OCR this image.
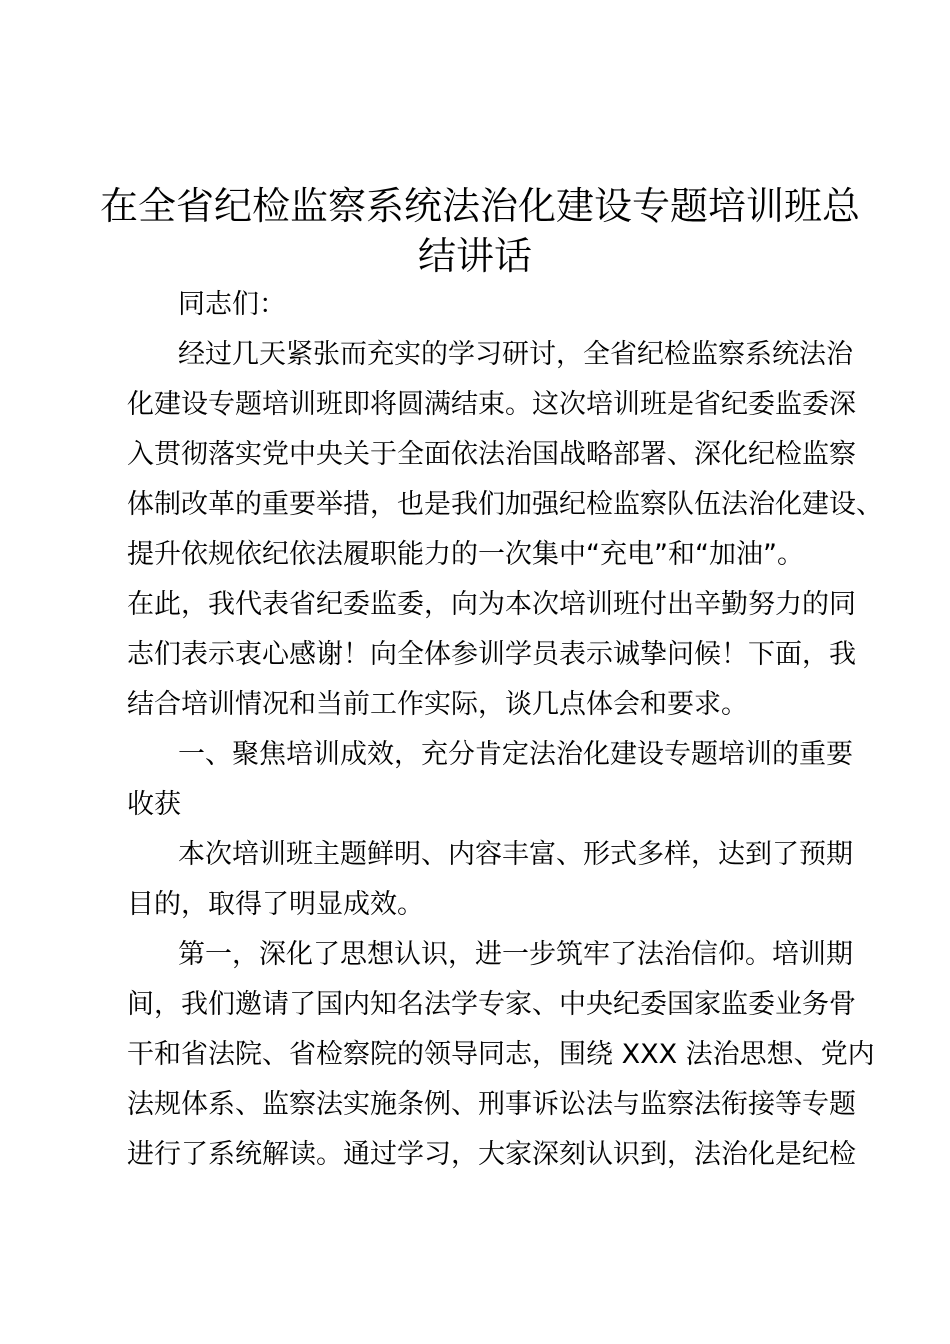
在全省纪检监察系统法治化建设专题培训班总
结讲话
同志们：
经过几天紧张而充实的学习研讨，全省纪检监察系统法治
化建设专题培训班即将圆满结束。这次培训班是省纪委监委深
入贯彻落实党中央关于全面依法治国战略部署、深化纪检监察
体制改革的重要举措，也是我们加强纪检监察队伍法治化建设、
提升依规依纪依法履职能力的一次集中“充电”和“加油”。
在此，我代表省纪委监委，向为本次培训班付出辛勤努力的同
志们表示衷心感谢！向全体参训学员表示诚挚问候！下面，我
结合培训情况和当前工作实际，谈几点体会和要求。
一、聚焦培训成效，充分肯定法治化建设专题培训的重要
收获
本次培训班主题鲜明、内容丰富、形式多样，达到了预期
目的，取得了明显成效。
第一，深化了思想认识，进一步筑牢了法治信仰。培训期
间，我们邀请了国内知名法学专家、中央纪委国家监委业务骨
干和省法院、省检察院的领导同志，围绕 XXX 法治思想、党内
法规体系、监察法实施条例、刑事诉讼法与监察法衔接等专题
进行了系统解读。通过学习，大家深刻认识到，法治化是纪检
